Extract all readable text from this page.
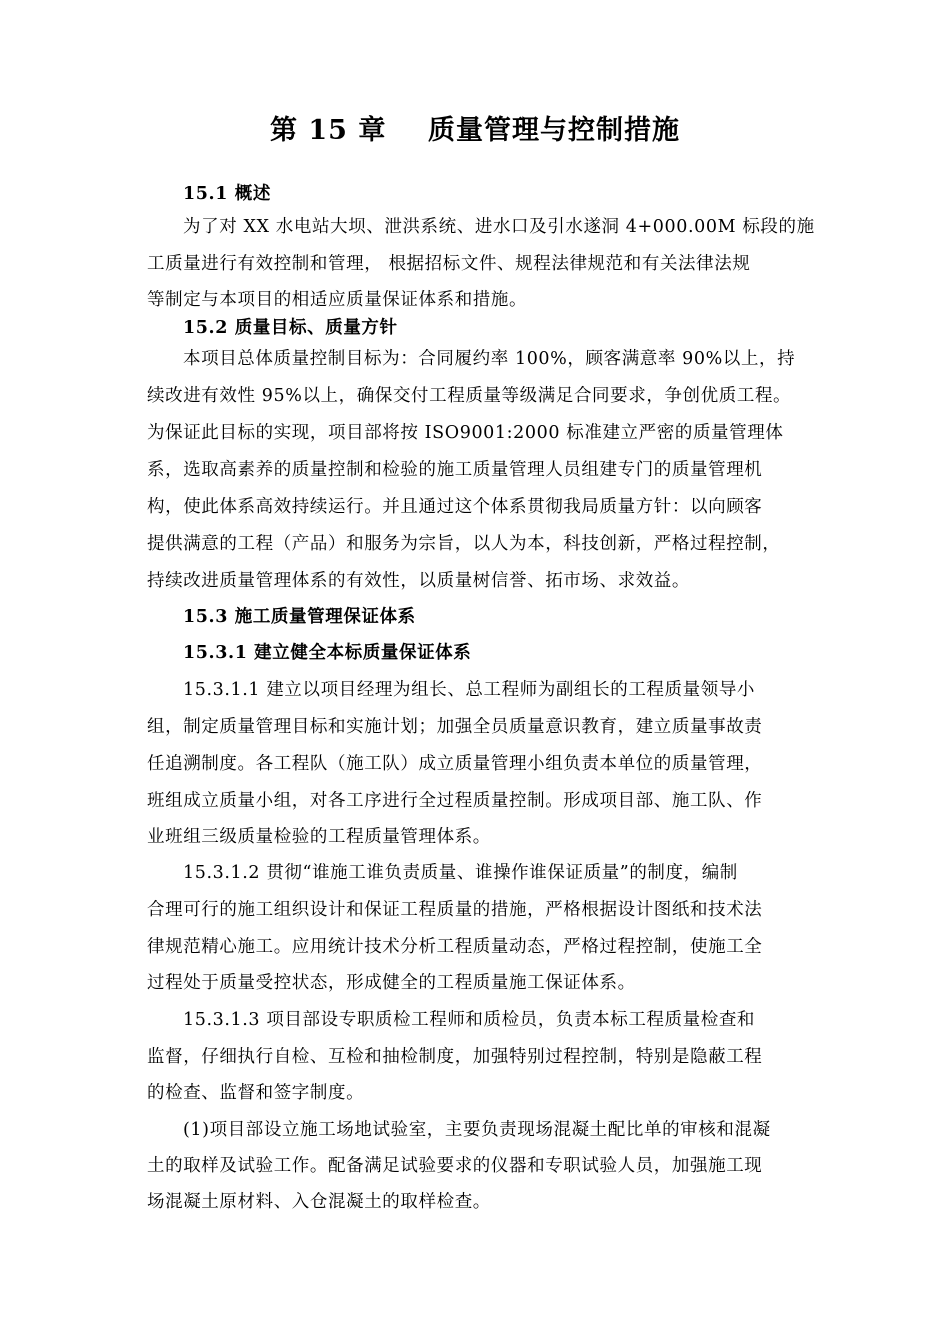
第 15 章    质量管理与控制措施
15.1 概述
为了对 XX 水电站大坝、泄洪系统、进水口及引水遂洞 4+000.00M 标段的施
工质量进行有效控制和管理， 根据招标文件、规程法律规范和有关法律法规
等制定与本项目的相适应质量保证体系和措施。
15.2 质量目标、质量方针
本项目总体质量控制目标为：合同履约率 100%，顾客满意率 90%以上，持
续改进有效性 95%以上，确保交付工程质量等级满足合同要求，争创优质工程。
为保证此目标的实现，项目部将按 ISO9001:2000 标准建立严密的质量管理体
系，选取高素养的质量控制和检验的施工质量管理人员组建专门的质量管理机
构，使此体系高效持续运行。并且通过这个体系贯彻我局质量方针：以向顾客
提供满意的工程（产品）和服务为宗旨，以人为本，科技创新，严格过程控制，
持续改进质量管理体系的有效性，以质量树信誉、拓市场、求效益。
15.3 施工质量管理保证体系
15.3.1 建立健全本标质量保证体系
15.3.1.1 建立以项目经理为组长、总工程师为副组长的工程质量领导小
组，制定质量管理目标和实施计划；加强全员质量意识教育，建立质量事故责
任追溯制度。各工程队（施工队）成立质量管理小组负责本单位的质量管理，
班组成立质量小组，对各工序进行全过程质量控制。形成项目部、施工队、作
业班组三级质量检验的工程质量管理体系。
15.3.1.2 贯彻“谁施工谁负责质量、谁操作谁保证质量”的制度，编制
合理可行的施工组织设计和保证工程质量的措施，严格根据设计图纸和技术法
律规范精心施工。应用统计技术分析工程质量动态，严格过程控制，使施工全
过程处于质量受控状态，形成健全的工程质量施工保证体系。
15.3.1.3 项目部设专职质检工程师和质检员，负责本标工程质量检查和
监督，仔细执行自检、互检和抽检制度，加强特别过程控制，特别是隐蔽工程
的检查、监督和签字制度。
(1)项目部设立施工场地试验室，主要负责现场混凝土配比单的审核和混凝
土的取样及试验工作。配备满足试验要求的仪器和专职试验人员，加强施工现
场混凝土原材料、入仓混凝土的取样检查。
